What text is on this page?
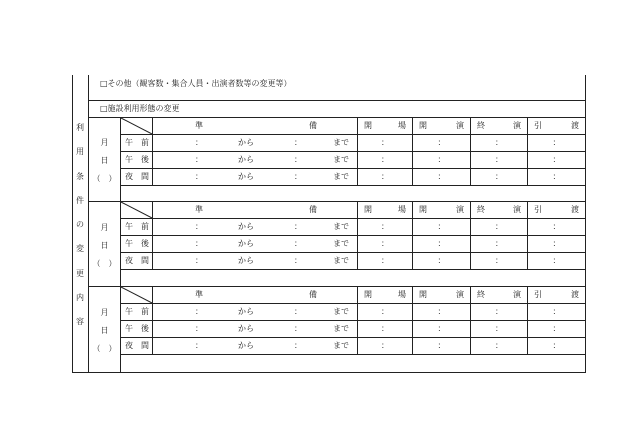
	□その他（観客数・集合人員・出演者数等の変更等）						
	□施設利用形態の変更						

	月
日
（　）		準 備	開 場	開 演	終 演	引 渡

		午 前	： から ： まで	：	：	：	：

		午 後	： から ： まで	：	：	：	：

		夜 間	： から ： まで	：	：	：	：

	月
日
（　）		準 備	開 場	開 演	終 演	引 渡

		午 前	： から ： まで	：	：	：	：

		午 後	： から ： まで	：	：	：	：

		夜 間	： から ： まで	：	：	：	：

	月
日
（　）		準 備	開 場	開 演	終 演	引 渡

		午 前	： から ： まで	：	：	：	：

		午 後	： から ： まで	：	：	：	：

		夜 間	： から ： まで	：	：	：	：

利
用
条
件
の
変
更
内
容
